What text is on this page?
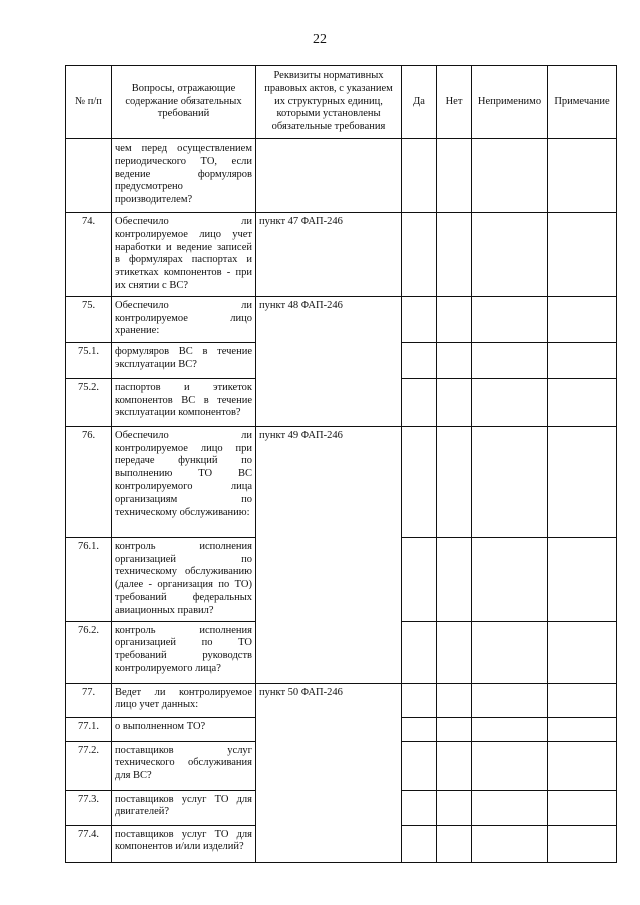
22
№ п/п	Вопросы, отражающие содержание обязательных требований	Реквизиты нормативных правовых актов, с указанием их структурных единиц, которыми установлены обязательные требования	Да	Нет	Неприменимо	Примечание
	чем перед осуществлением периодического ТО, если ведение формуляров предусмотрено производителем?					
74.	Обеспечило ли контролируемое лицо учет наработки и ведение записей в формулярах паспортах и этикетках компонентов - при их снятии с ВС?	пункт 47 ФАП-246				
75.	Обеспечило ли контролируемое лицо хранение:	пункт 48 ФАП-246				
75.1.	формуляров ВС в течение эксплуатации ВС?					
75.2.	паспортов и этикеток компонентов ВС в течение эксплуатации компонентов?					
76.	Обеспечило ли контролируемое лицо при передаче функций по выполнению ТО ВС контролируемого лица организациям по техническому обслуживанию:	пункт 49 ФАП-246				
76.1.	контроль исполнения организацией по техническому обслуживанию (далее - организация по ТО) требований федеральных авиационных правил?					
76.2.	контроль исполнения организацией по ТО требований руководств контролируемого лица?					
77.	Ведет ли контролируемое лицо учет данных:	пункт 50 ФАП-246				
77.1.	о выполненном ТО?					
77.2.	поставщиков услуг технического обслуживания для ВС?					
77.3.	поставщиков услуг ТО для двигателей?					
77.4.	поставщиков услуг ТО для компонентов и/или изделий?					
